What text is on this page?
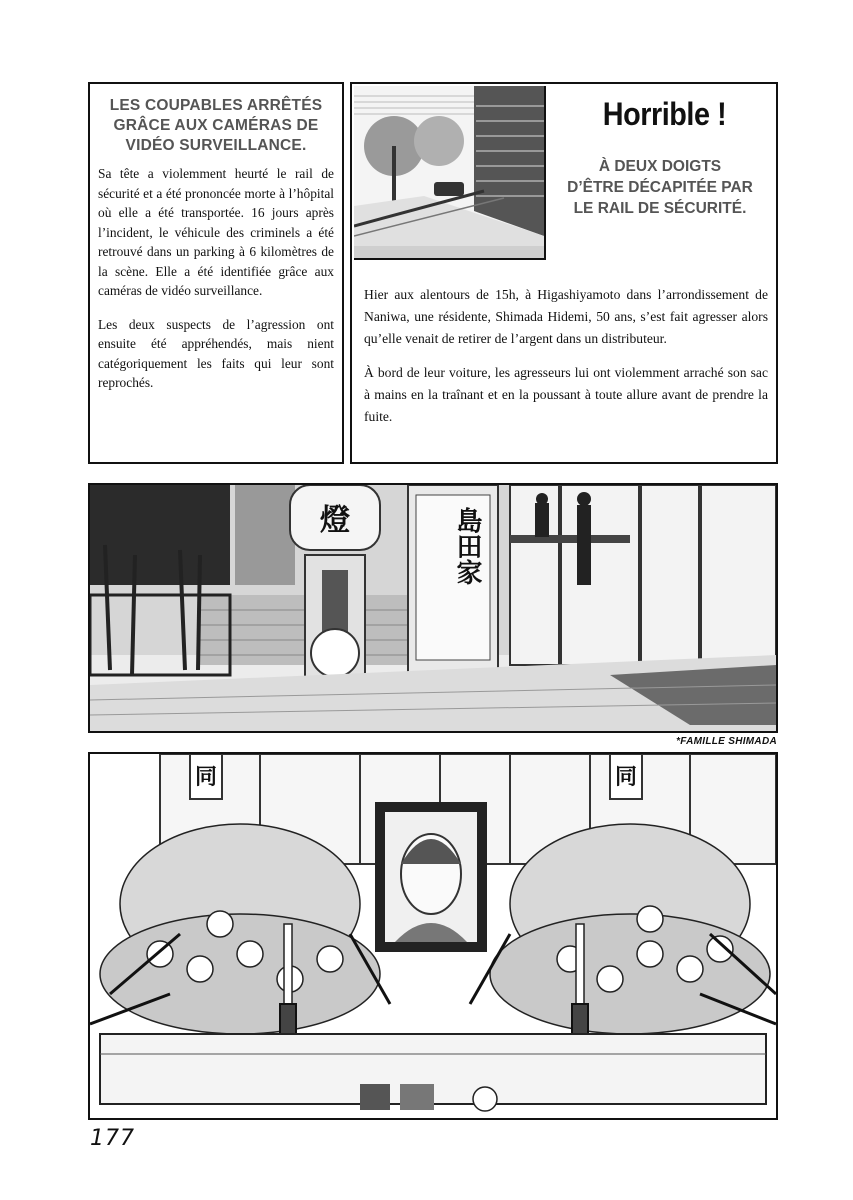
LES COUPABLES ARRÊTÉS
GRÂCE AUX CAMÉRAS DE
VIDÉO SURVEILLANCE.

Sa tête a violemment heurté le rail de sécurité et a été prononcée morte à l’hôpital où elle a été transportée. 16 jours après l’incident, le véhicule des criminels a été retrouvé dans un parking à 6 kilomètres de la scène. Elle a été identifiée grâce aux caméras de vidéo surveillance.

Les deux suspects de l’agression ont ensuite été appréhendés, mais nient catégoriquement les faits qui leur sont reprochés.

Horrible !
À DEUX DOIGTS
D’ÊTRE DÉCAPITÉE PAR
LE RAIL DE SÉCURITÉ.

Hier aux alentours de 15h, à Higashiyamoto dans l’arrondissement de Naniwa, une résidente, Shimada Hidemi, 50 ans, s’est fait agresser alors qu’elle venait de retirer de l’argent dans un distributeur.

À bord de leur voiture, les agresseurs lui ont violemment arraché son sac à mains en la traînant et en la poussant à toute allure avant de prendre la fuite.

燈	島田家
*FAMILLE SHIMADA
同	同
177
